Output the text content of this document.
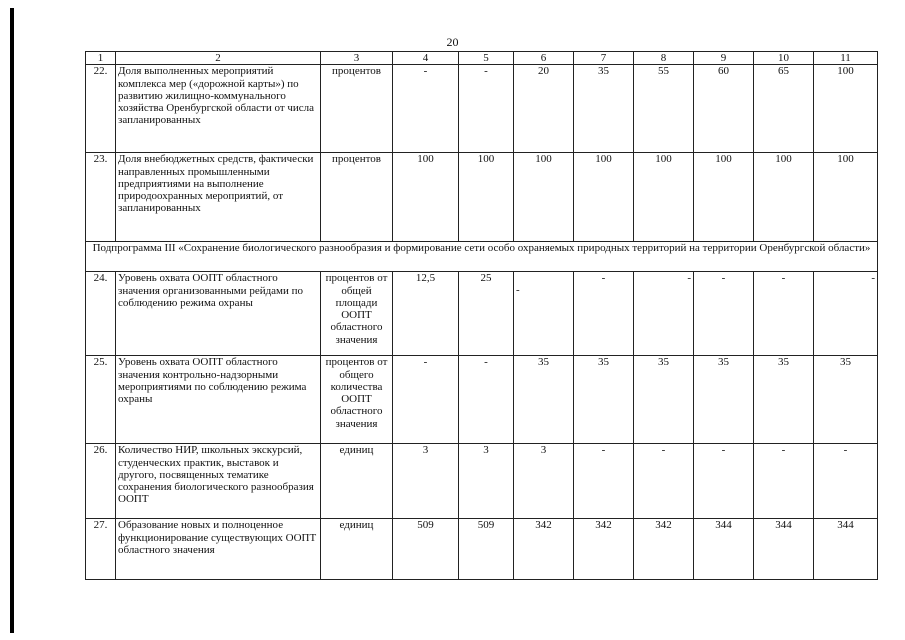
20
1	2	3	4	5	6	7	8	9	10	11
22.	Доля выполненных мероприятий комплекса мер («дорожной карты») по развитию жилищно-коммунального хозяйства Оренбургской области от числа запланированных	процентов	-	-	20	35	55	60	65	100
23.	Доля внебюджетных средств, фактически направленных промышленными предприятиями на выполнение природоохранных мероприятий, от запланированных	процентов	100	100	100	100	100	100	100	100
Подпрограмма III «Сохранение биологического разнообразия и формирование сети особо охраняемых природных территорий на территории Оренбургской области»										
24.	Уровень охвата ООПТ областного значения организованными рейдами по соблюдению режима охраны	процентов от общей площади ООПТ областного значения	12,5	25	-	-	-	-	-	-
25.	Уровень охвата ООПТ областного значения контрольно-надзорными мероприятиями по соблюдению режима охраны	процентов от общего количества ООПТ областного значения	-	-	35	35	35	35	35	35
26.	Количество НИР, школьных экскурсий, студенческих практик, выставок и другого, посвященных тематике сохранения биологического разнообразия ООПТ	единиц	3	3	3	-	-	-	-	-
27.	Образование новых и полноценное функционирование существующих ООПТ областного значения	единиц	509	509	342	342	342	344	344	344
